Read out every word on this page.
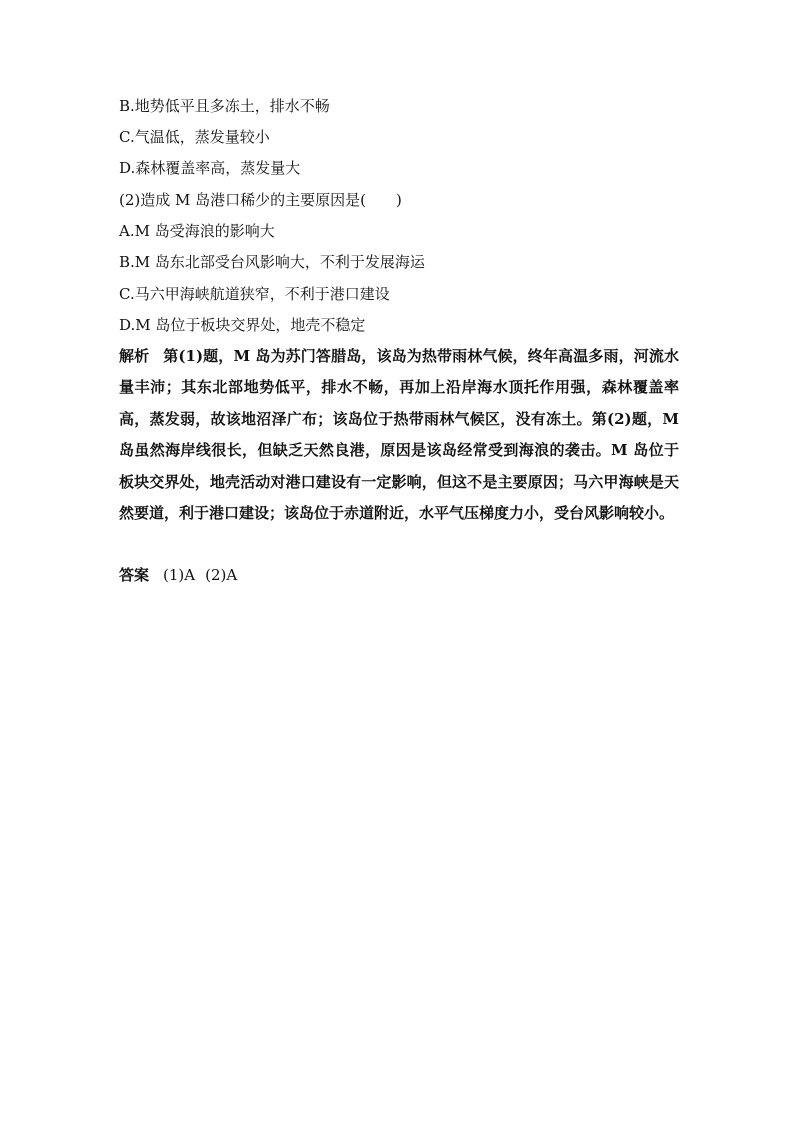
B.地势低平且多冻土，排水不畅
C.气温低，蒸发量较小
D.森林覆盖率高，蒸发量大
(2)造成 M 岛港口稀少的主要原因是(　　)
A.M 岛受海浪的影响大
B.M 岛东北部受台风影响大，不利于发展海运
C.马六甲海峡航道狭窄，不利于港口建设
D.M 岛位于板块交界处，地壳不稳定
解析 第(1)题，M 岛为苏门答腊岛，该岛为热带雨林气候，终年高温多雨，河流水量丰沛；其东北部地势低平，排水不畅，再加上沿岸海水顶托作用强，森林覆盖率高，蒸发弱，故该地沼泽广布；该岛位于热带雨林气候区，没有冻土。第(2)题，M 岛虽然海岸线很长，但缺乏天然良港，原因是该岛经常受到海浪的袭击。M 岛位于板块交界处，地壳活动对港口建设有一定影响，但这不是主要原因；马六甲海峡是天然要道，利于港口建设；该岛位于赤道附近，水平气压梯度力小，受台风影响较小。
答案 (1)A (2)A
